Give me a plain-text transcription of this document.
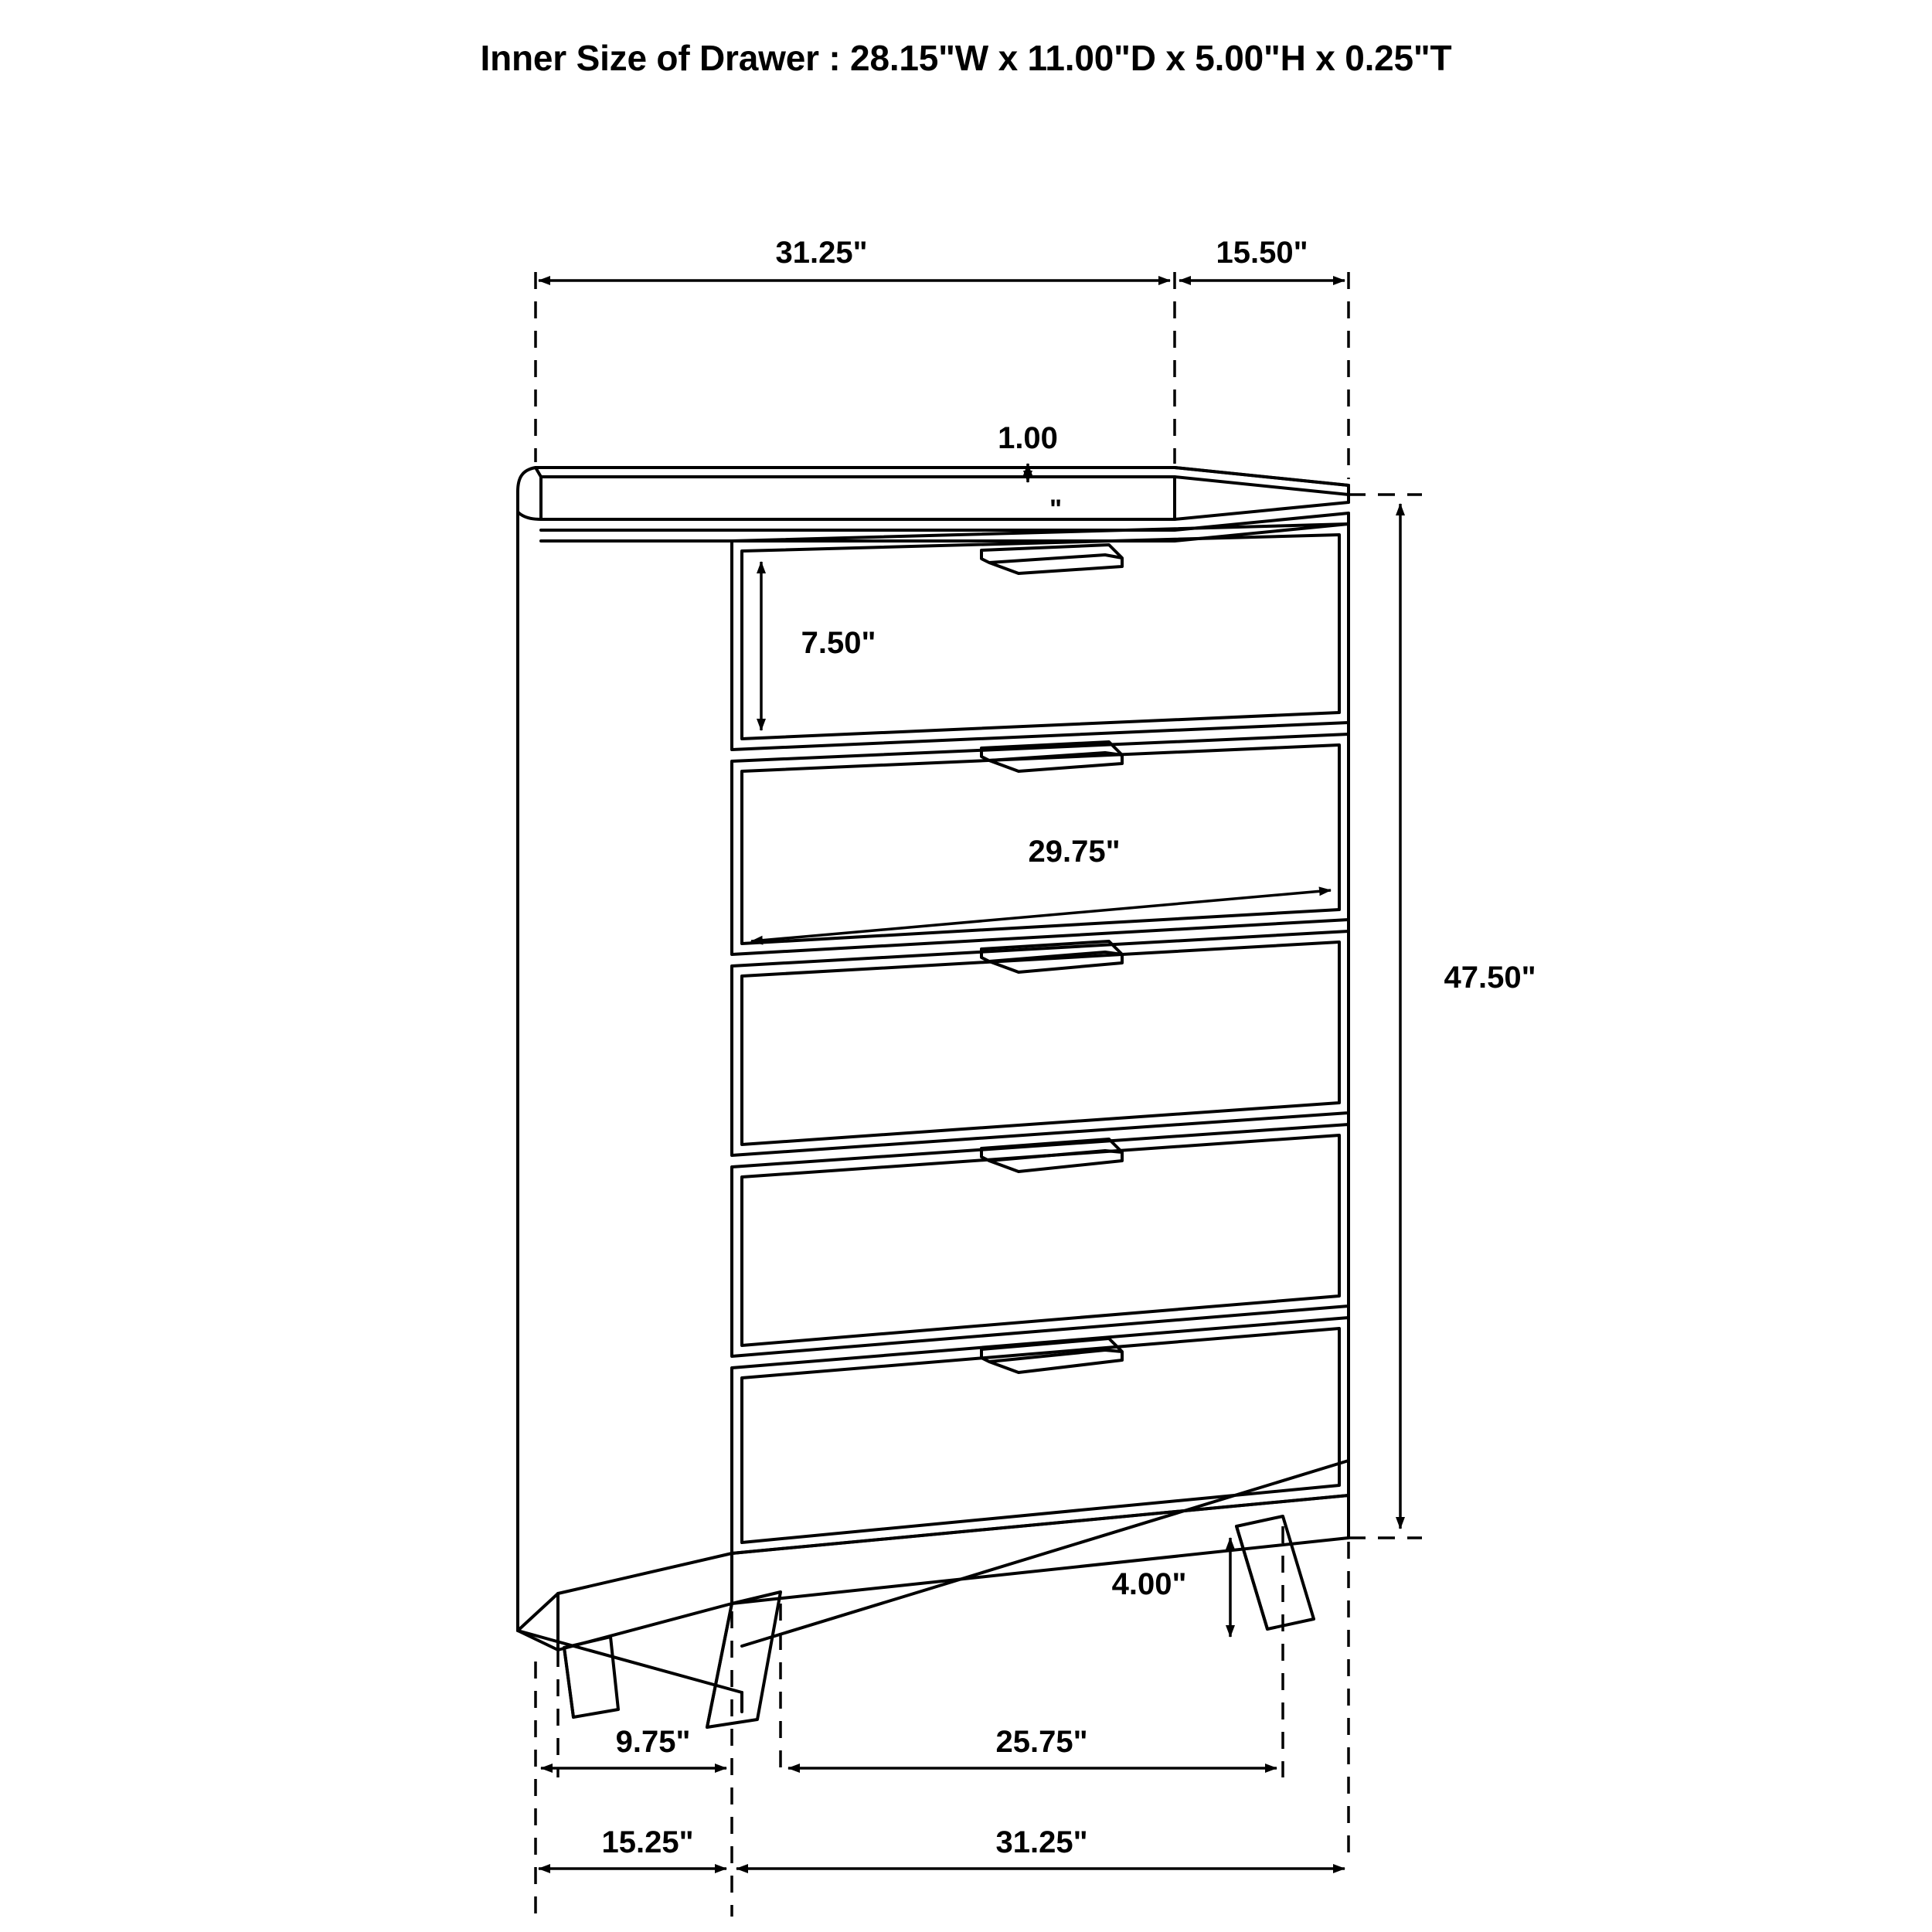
Inner Size of Drawer : 28.15"W x 11.00"D x 5.00"H x 0.25"T
31.25"	15.50"
1.00
"
7.50"
29.75"
47.50"
4.00"
9.75"
15.25"
25.75"
31.25"
